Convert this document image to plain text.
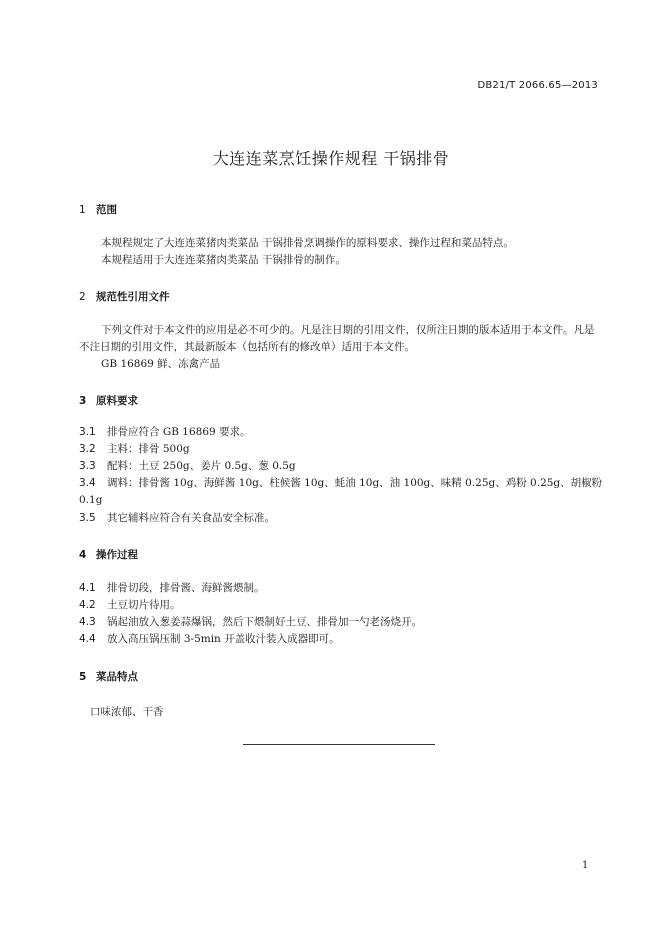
DB21/T 2066.65—2013
大连连菜烹饪操作规程 干锅排骨
1 范围
本规程规定了大连连菜猪肉类菜品 干锅排骨烹调操作的原料要求、操作过程和菜品特点。
本规程适用于大连连菜猪肉类菜品 干锅排骨的制作。
2 规范性引用文件
下列文件对于本文件的应用是必不可少的。凡是注日期的引用文件，仅所注日期的版本适用于本文件。凡是不注日期的引用文件，其最新版本（包括所有的修改单）适用于本文件。
GB 16869 鲜、冻禽产品
3 原料要求
3.1 排骨应符合 GB 16869 要求。
3.2 主料：排骨 500g
3.3 配料：土豆 250g、姜片 0.5g、葱 0.5g
3.4 调料：排骨酱 10g、海鲜酱 10g、柱候酱 10g、蚝油 10g、油 100g、味精 0.25g、鸡粉 0.25g、胡椒粉 0.1g
3.5 其它辅料应符合有关食品安全标准。
4 操作过程
4.1 排骨切段，排骨酱、海鲜酱煨制。
4.2 土豆切片待用。
4.3 锅起油放入葱姜蒜爆锅，然后下煨制好土豆、排骨加一勺老汤烧开。
4.4 放入高压锅压制 3-5min 开盖收汁装入成器即可。
5 菜品特点
口味浓郁、干香
1
